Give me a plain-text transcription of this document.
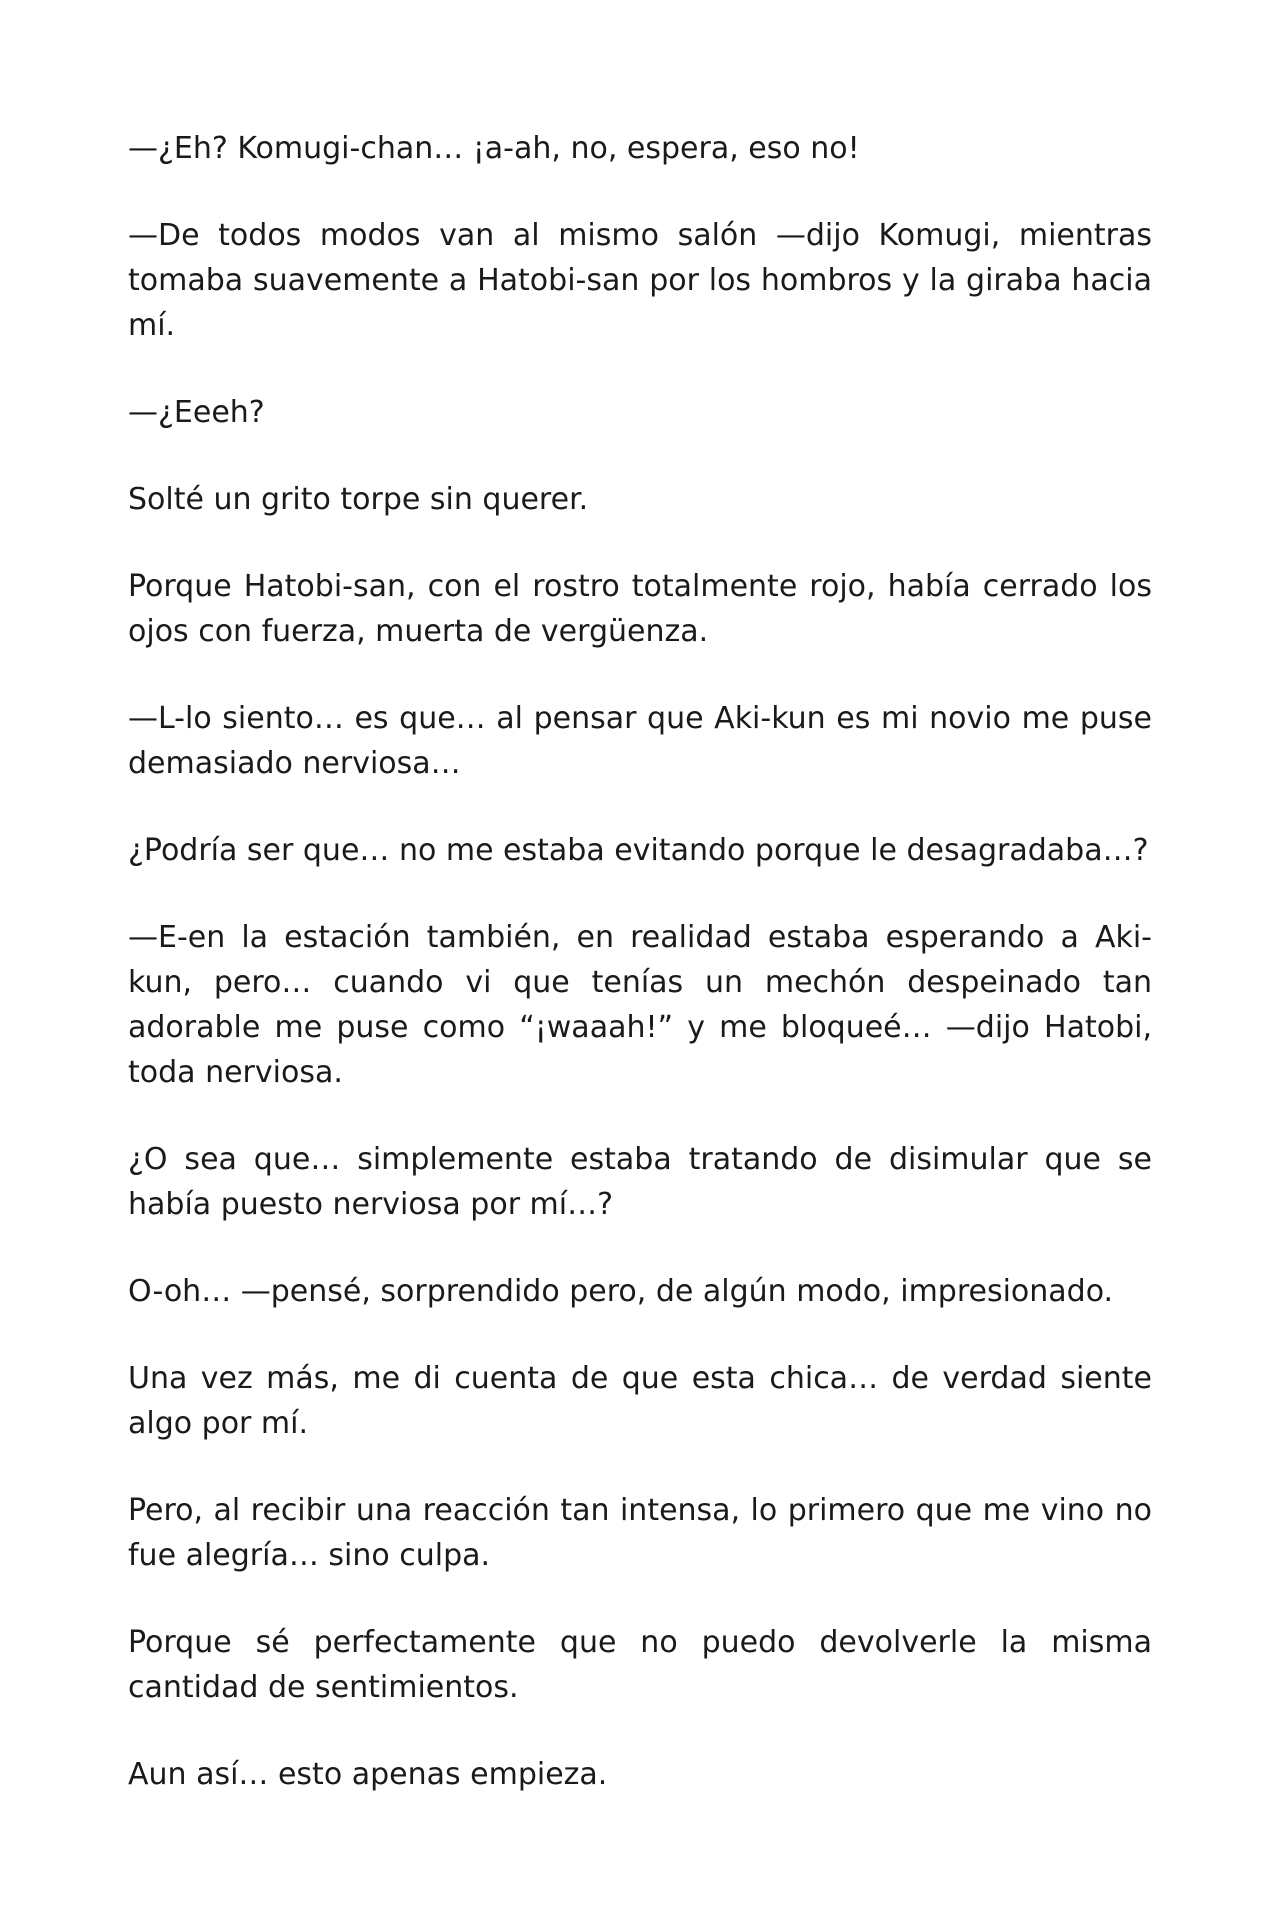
—¿Eh? Komugi-chan… ¡a-ah, no, espera, eso no!

—De todos modos van al mismo salón —dijo Komugi, mientras tomaba suavemente a Hatobi-san por los hombros y la giraba hacia mí.

—¿Eeeh?

Solté un grito torpe sin querer.

Porque Hatobi-san, con el rostro totalmente rojo, había cerrado los ojos con fuerza, muerta de vergüenza.

—L-lo siento… es que… al pensar que Aki-kun es mi novio me puse demasiado nerviosa…

¿Podría ser que… no me estaba evitando porque le desagradaba…?

—E-en la estación también, en realidad estaba esperando a Aki-kun, pero… cuando vi que tenías un mechón despeinado tan adorable me puse como “¡waaah!” y me bloqueé… —dijo Hatobi, toda nerviosa.

¿O sea que… simplemente estaba tratando de disimular que se había puesto nerviosa por mí…?

O-oh… —pensé, sorprendido pero, de algún modo, impresionado.

Una vez más, me di cuenta de que esta chica… de verdad siente algo por mí.

Pero, al recibir una reacción tan intensa, lo primero que me vino no fue alegría… sino culpa.

Porque sé perfectamente que no puedo devolverle la misma cantidad de sentimientos.

Aun así… esto apenas empieza.
